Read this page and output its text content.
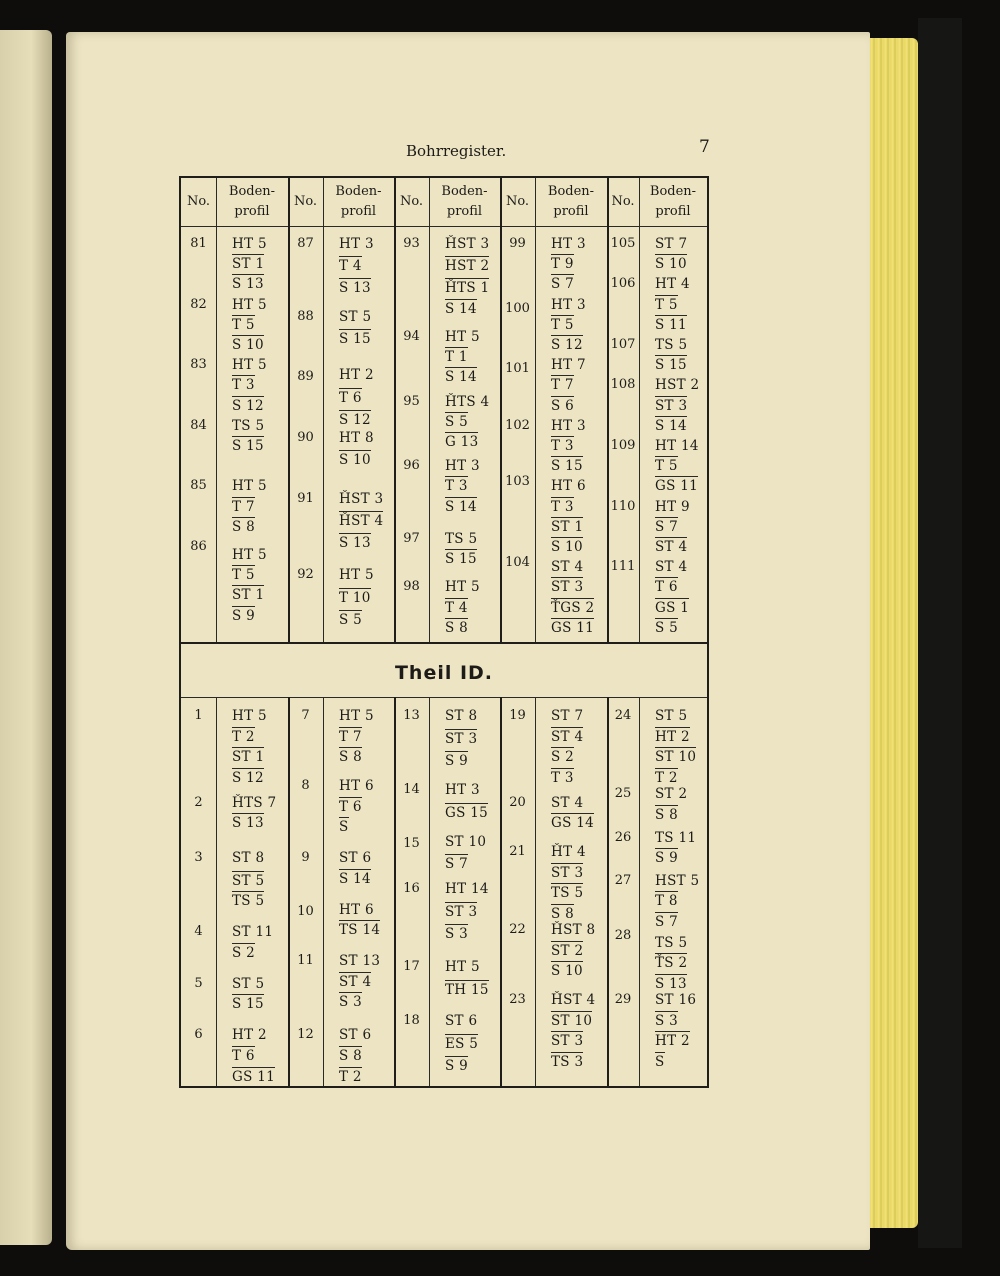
Bohrregister.	7
No.
Boden-
profil
No.
Boden-
profil
No.
Boden-
profil
No.
Boden-
profil
No.
Boden-
profil
Theil ID.
81
82
83
84
85
86
HT 5
ST 1
S 13
HT 5
T 5
S 10
HT 5
T 3
S 12
TS 5
S 15
HT 5
T 7
S 8
HT 5
T 5
ST 1
S 9
87
88
89
90
91
92
HT 3
T 4
S 13
ST 5
S 15
HT 2
T 6
S 12
HT 8
S 10
ȞST 3
ȞST 4
S 13
HT 5
T 10
S 5
93
94
95
96
97
98
ȞST 3
HST 2
ȞTS 1
S 14
HT 5
T 1
S 14
ȞTS 4
S 5
G 13
HT 3
T 3
S 14
TS 5
S 15
HT 5
T 4
S 8
99
100
101
102
103
104
HT 3
T 9
S 7
HT 3
T 5
S 12
HT 7
T 7
S 6
HT 3
T 3
S 15
HT 6
T 3
ST 1
S 10
ST 4
ST 3
ŤGS 2
GS 11
105
106
107
108
109
110
111
ST 7
S 10
HT 4
T 5
S 11
TS 5
S 15
HST 2
ST 3
S 14
HT 14
T 5
GS 11
HT 9
S 7
ST 4
ST 4
T 6
GS 1
S 5
1
2
3
4
5
6
HT 5
T 2
ST 1
S 12
ȞTS 7
S 13
ST 8
ST 5
TS 5
ST 11
S 2
ST 5
S 15
HT 2
T 6
GS 11
7
8
9
10
11
12
HT 5
T 7
S 8
HT 6
T 6
S
ST 6
S 14
HT 6
TS 14
ST 13
ST 4
S 3
ST 6
S 8
T 2
13
14
15
16
17
18
ST 8
ST 3
S 9
HT 3
GS 15
ST 10
S 7
HT 14
ST 3
S 3
HT 5
TH 15
ST 6
ES 5
S 9
19
20
21
22
23
ST 7
ST 4
S 2
T 3
ST 4
GS 14
ȞT 4
ST 3
TS 5
S 8
ȞST 8
ST 2
S 10
ȞST 4
ST 10
ST 3
TS 3
24
25
26
27
28
29
ST 5
HT 2
ST 10
T 2
ST 2
S 8
TS 11
S 9
HST 5
T 8
S 7
TS 5
ŤS 2
S 13
ST 16
S 3
HT 2
S
